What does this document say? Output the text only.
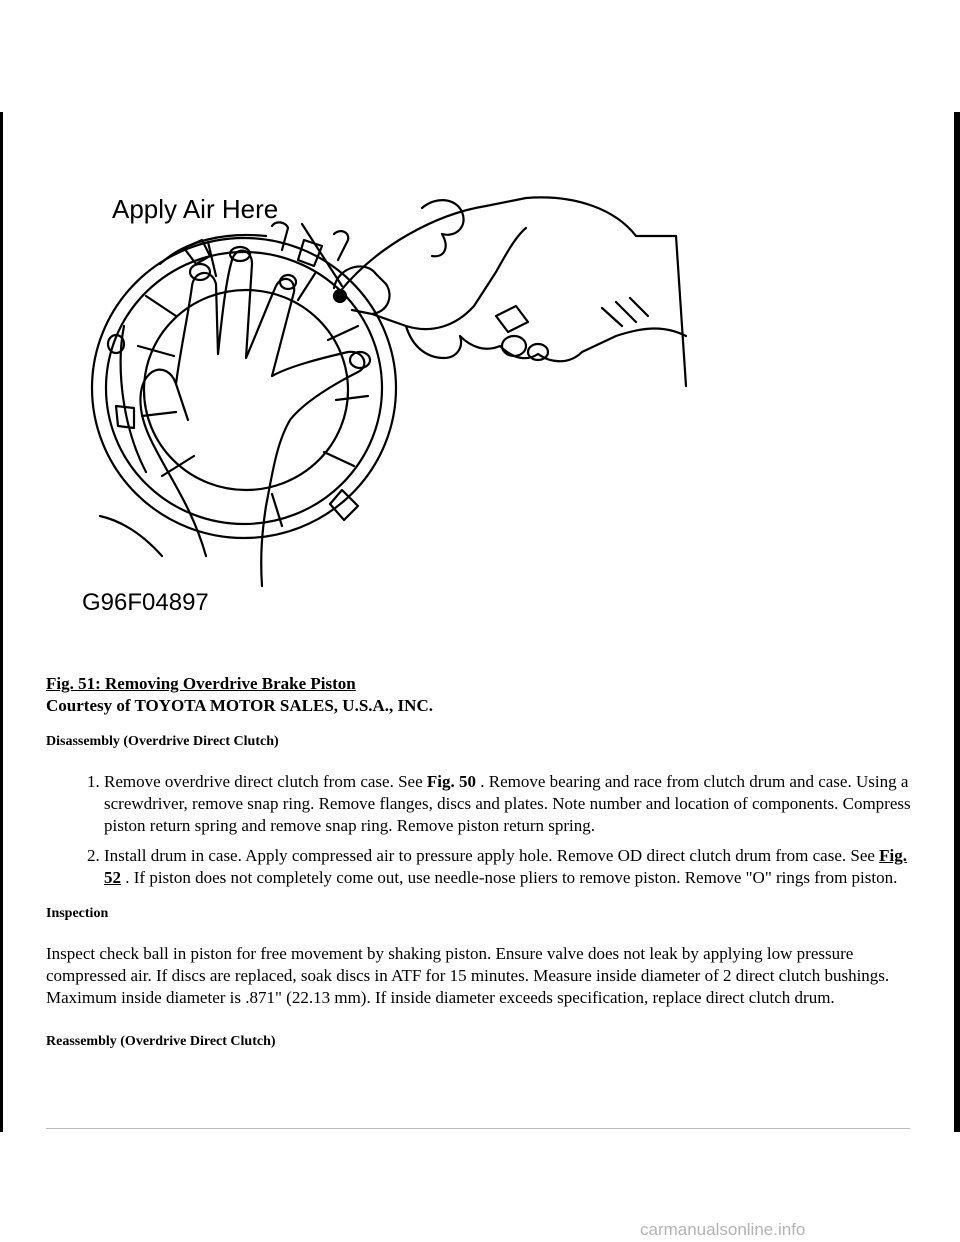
Apply Air Here
G96F04897
Fig. 51: Removing Overdrive Brake Piston
Courtesy of TOYOTA MOTOR SALES, U.S.A., INC.
Disassembly (Overdrive Direct Clutch)
1. Remove overdrive direct clutch from case. See Fig. 50 . Remove bearing and race from clutch drum and case. Using a screwdriver, remove snap ring. Remove flanges, discs and plates. Note number and location of components. Compress piston return spring and remove snap ring. Remove piston return spring.
2. Install drum in case. Apply compressed air to pressure apply hole. Remove OD direct clutch drum from case. See Fig. 52 . If piston does not completely come out, use needle-nose pliers to remove piston. Remove "O" rings from piston.
Inspection

Inspect check ball in piston for free movement by shaking piston. Ensure valve does not leak by applying low pressure compressed air. If discs are replaced, soak discs in ATF for 15 minutes. Measure inside diameter of 2 direct clutch bushings. Maximum inside diameter is .871" (22.13 mm). If inside diameter exceeds specification, replace direct clutch drum.

Reassembly (Overdrive Direct Clutch)
carmanualsonline.info
